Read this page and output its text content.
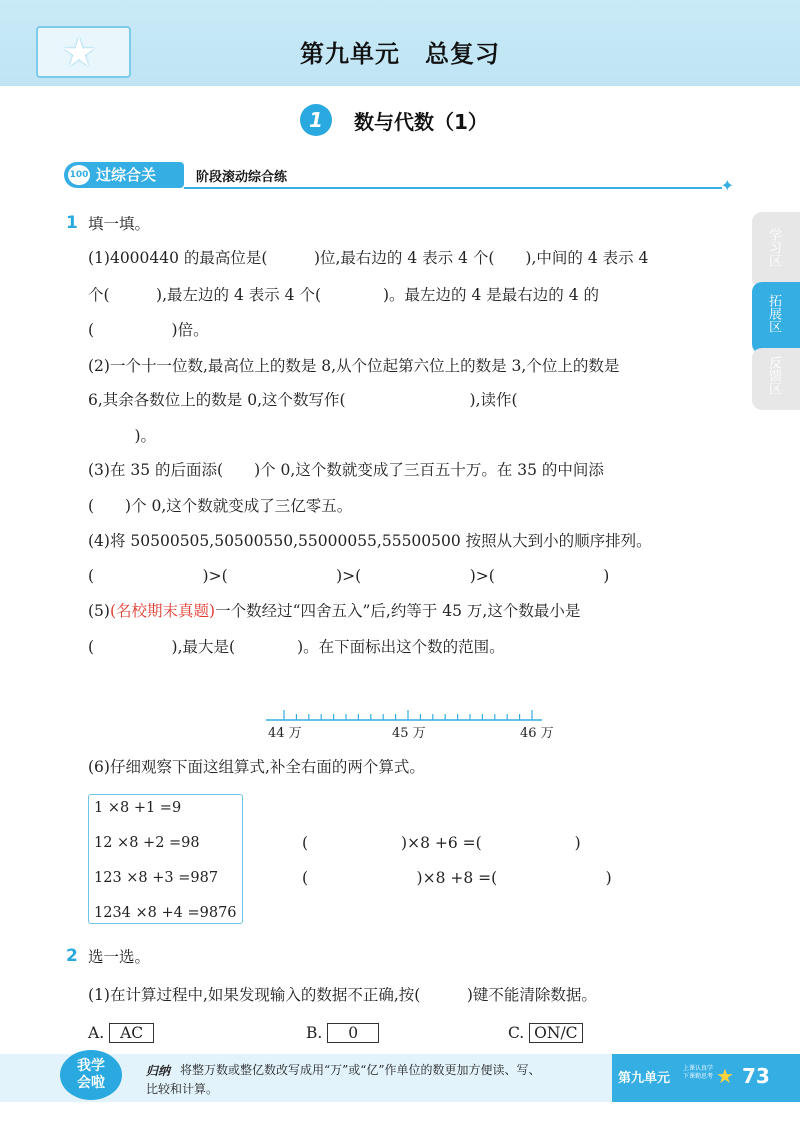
★	第九单元　总复习
1	数与代数（1）
100 过综合关	阶段滚动综合练	✦
学习区
拓展区
反馈区
1 填一填。
(1)4000440 的最高位是(　　　)位,最右边的 4 表示 4 个(　　),中间的 4 表示 4
个(　　　),最左边的 4 表示 4 个(　　　　)。最左边的 4 是最右边的 4 的
(　　　　　)倍。
(2)一个十一位数,最高位上的数是 8,从个位起第六位上的数是 3,个位上的数是
6,其余各数位上的数是 0,这个数写作(　　　　　　　　),读作(
　　　)。
(3)在 35 的后面添(　　)个 0,这个数就变成了三百五十万。在 35 的中间添
(　　)个 0,这个数就变成了三亿零五。
(4)将 50500505,50500550,55000055,55500500 按照从大到小的顺序排列。
(　　　　　　　)>(　　　　　　　)>(　　　　　　　)>(　　　　　　　)
(5)(名校期末真题)一个数经过“四舍五入”后,约等于 45 万,这个数最小是
(　　　　　),最大是(　　　　)。在下面标出这个数的范围。
44 万	45 万	46 万
(6)仔细观察下面这组算式,补全右面的两个算式。
1 ×8 +1 =9
12 ×8 +2 =98
123 ×8 +3 =987
1234 ×8 +4 =9876
(　　　　　　)×8 +6 =(　　　　　　)
(　　　　　　　)×8 +8 =(　　　　　　　)
2 选一选。
(1)在计算过程中,如果发现输入的数据不正确,按(　　　)键不能清除数据。
A. AC	B. 0	C. ON/C
我学
会啦
归纳 将整万数或整亿数改写成用“万”或“亿”作单位的数更加方便读、写、
比较和计算。
第九单元
上课认真学 下课勤思考 ★ 73
